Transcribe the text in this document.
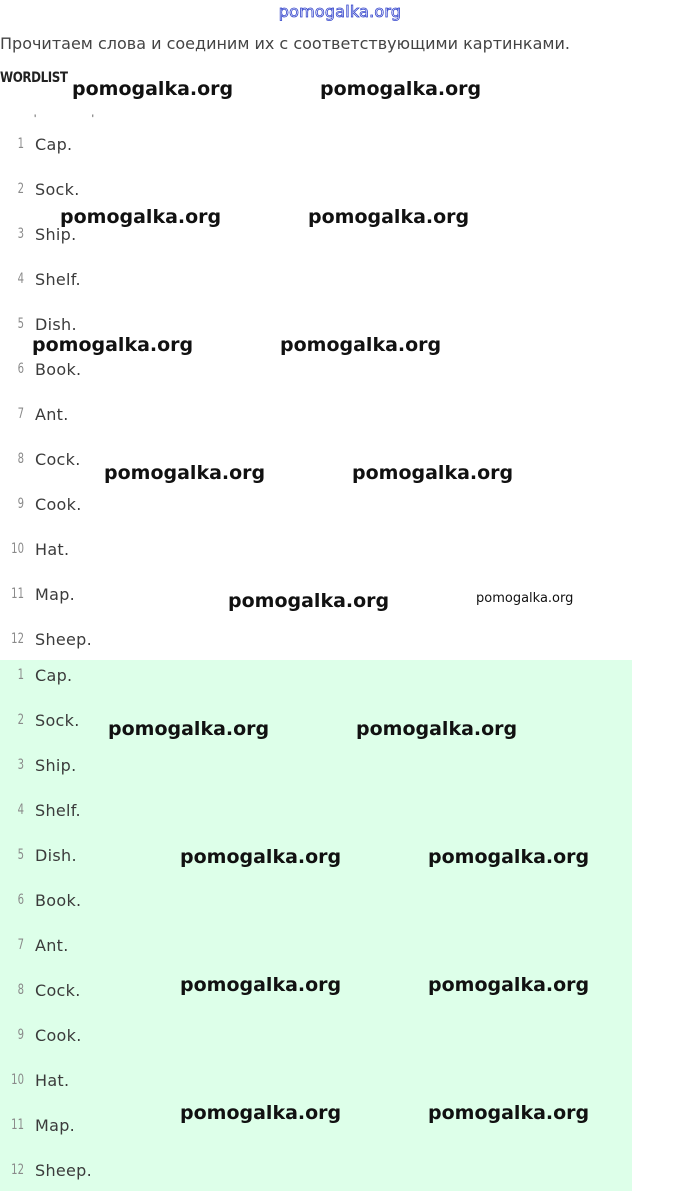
pomogalka.org
Прочитаем слова и соединим их с соответствующими картинками.
WORDLIST
' '
1 Cap.
2 Sock.
3 Ship.
4 Shelf.
5 Dish.
6 Book.
7 Ant.
8 Cock.
9 Cook.
10 Hat.
11 Map.
12 Sheep.
1 Cap.
2 Sock.
3 Ship.
4 Shelf.
5 Dish.
6 Book.
7 Ant.
8 Cock.
9 Cook.
10 Hat.
11 Map.
12 Sheep.
pomogalka.org	pomogalka.org
pomogalka.org	pomogalka.org
pomogalka.org	pomogalka.org
pomogalka.org	pomogalka.org
pomogalka.org	pomogalka.org
pomogalka.org	pomogalka.org
pomogalka.org	pomogalka.org
pomogalka.org	pomogalka.org
pomogalka.org	pomogalka.org
